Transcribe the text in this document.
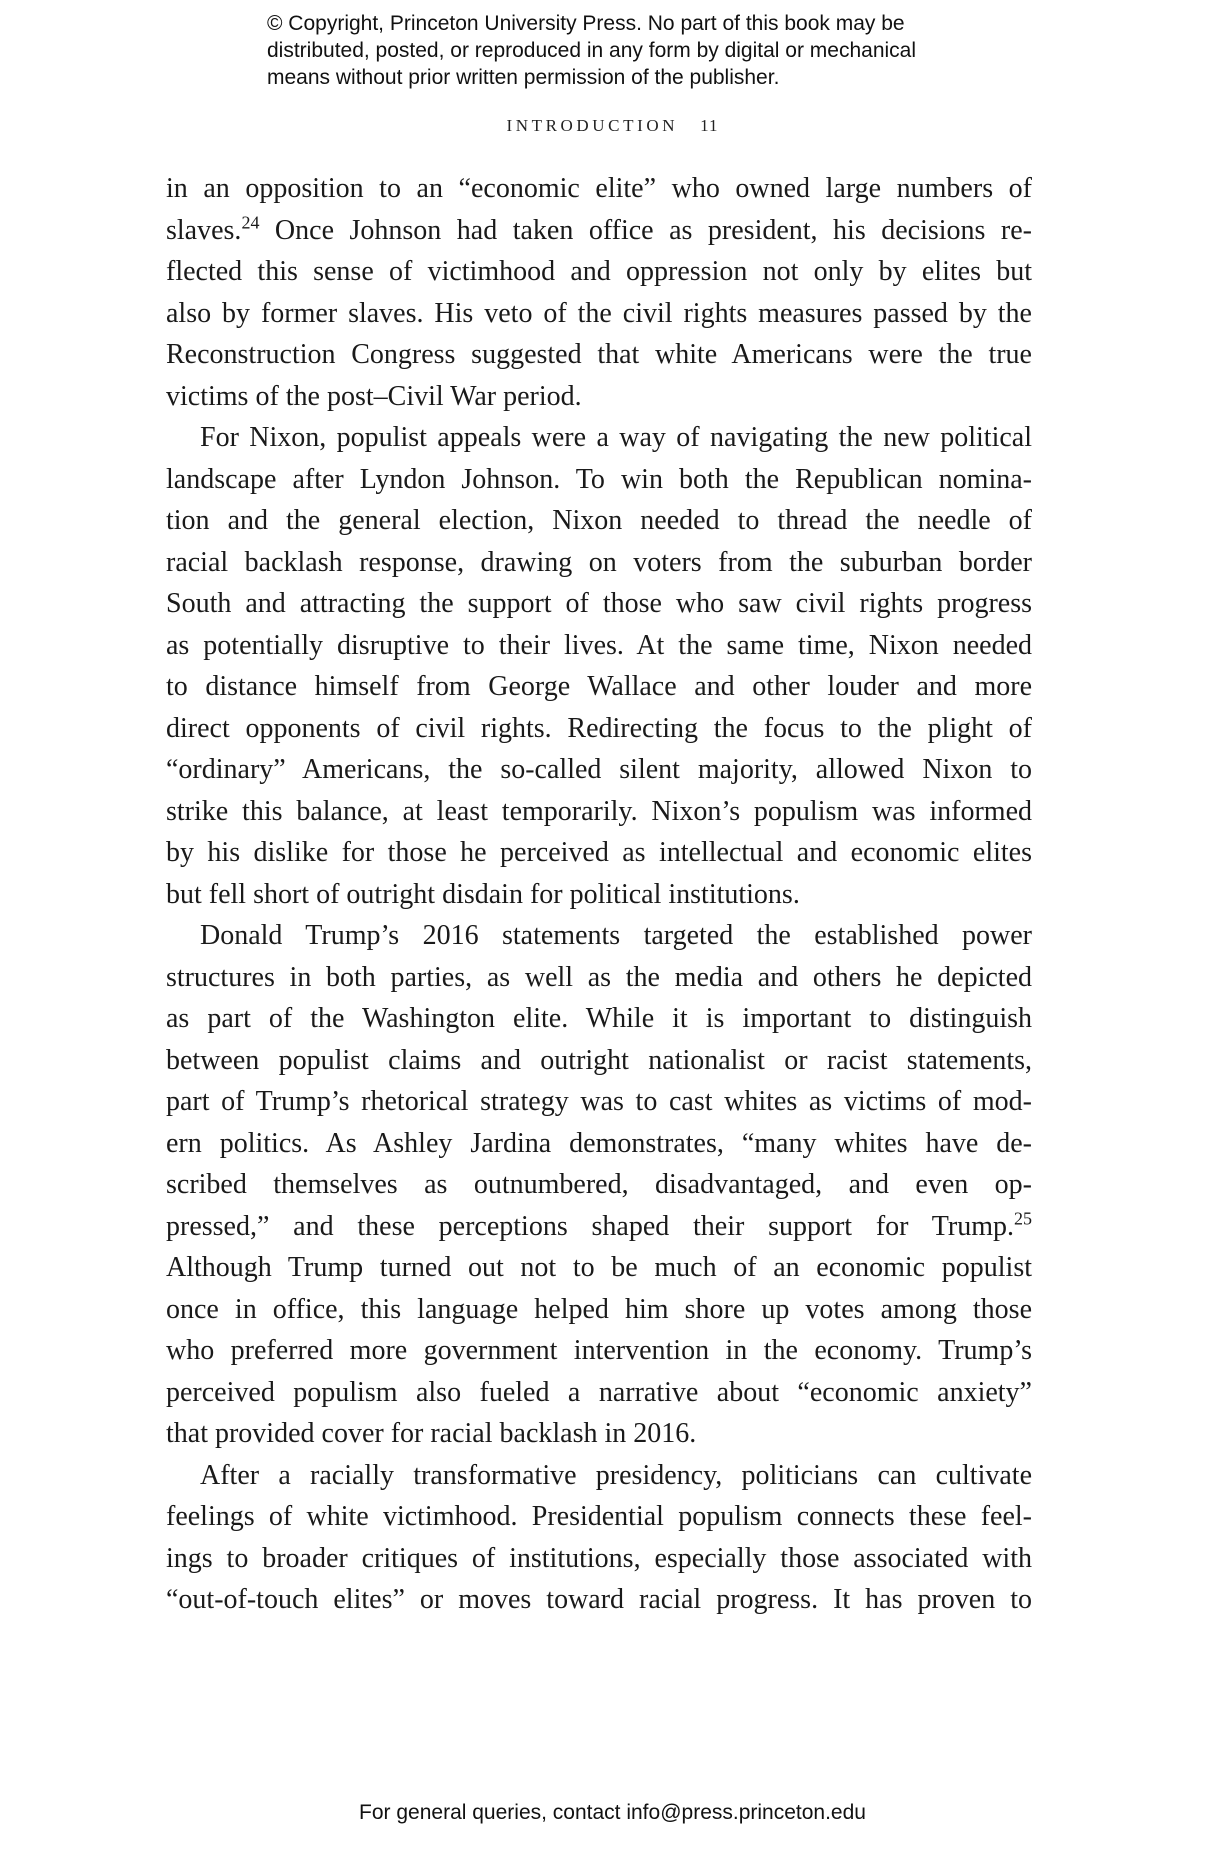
© Copyright, Princeton University Press. No part of this book may be
distributed, posted, or reproduced in any form by digital or mechanical
means without prior written permission of the publisher.
INTRODUCTION 11
in an opposition to an “economic elite” who owned large numbers of
slaves.$^{24}$ Once Johnson had taken office as president, his decisions re-
flected this sense of victimhood and oppression not only by elites but
also by former slaves. His veto of the civil rights measures passed by the
Reconstruction Congress suggested that white Americans were the true
victims of the post–Civil War period.
For Nixon, populist appeals were a way of navigating the new political
landscape after Lyndon Johnson. To win both the Republican nomina-
tion and the general election, Nixon needed to thread the needle of
racial backlash response, drawing on voters from the suburban border
South and attracting the support of those who saw civil rights progress
as potentially disruptive to their lives. At the same time, Nixon needed
to distance himself from George Wallace and other louder and more
direct opponents of civil rights. Redirecting the focus to the plight of
“ordinary” Americans, the so-called silent majority, allowed Nixon to
strike this balance, at least temporarily. Nixon’s populism was informed
by his dislike for those he perceived as intellectual and economic elites
but fell short of outright disdain for political institutions.
Donald Trump’s 2016 statements targeted the established power
structures in both parties, as well as the media and others he depicted
as part of the Washington elite. While it is important to distinguish
between populist claims and outright nationalist or racist statements,
part of Trump’s rhetorical strategy was to cast whites as victims of mod-
ern politics. As Ashley Jardina demonstrates, “many whites have de-
scribed themselves as outnumbered, disadvantaged, and even op-
pressed,” and these perceptions shaped their support for Trump.$^{25}$
Although Trump turned out not to be much of an economic populist
once in office, this language helped him shore up votes among those
who preferred more government intervention in the economy. Trump’s
perceived populism also fueled a narrative about “economic anxiety”
that provided cover for racial backlash in 2016.
After a racially transformative presidency, politicians can cultivate
feelings of white victimhood. Presidential populism connects these feel-
ings to broader critiques of institutions, especially those associated with
“out-of-touch elites” or moves toward racial progress. It has proven to
For general queries, contact info@press.princeton.edu
